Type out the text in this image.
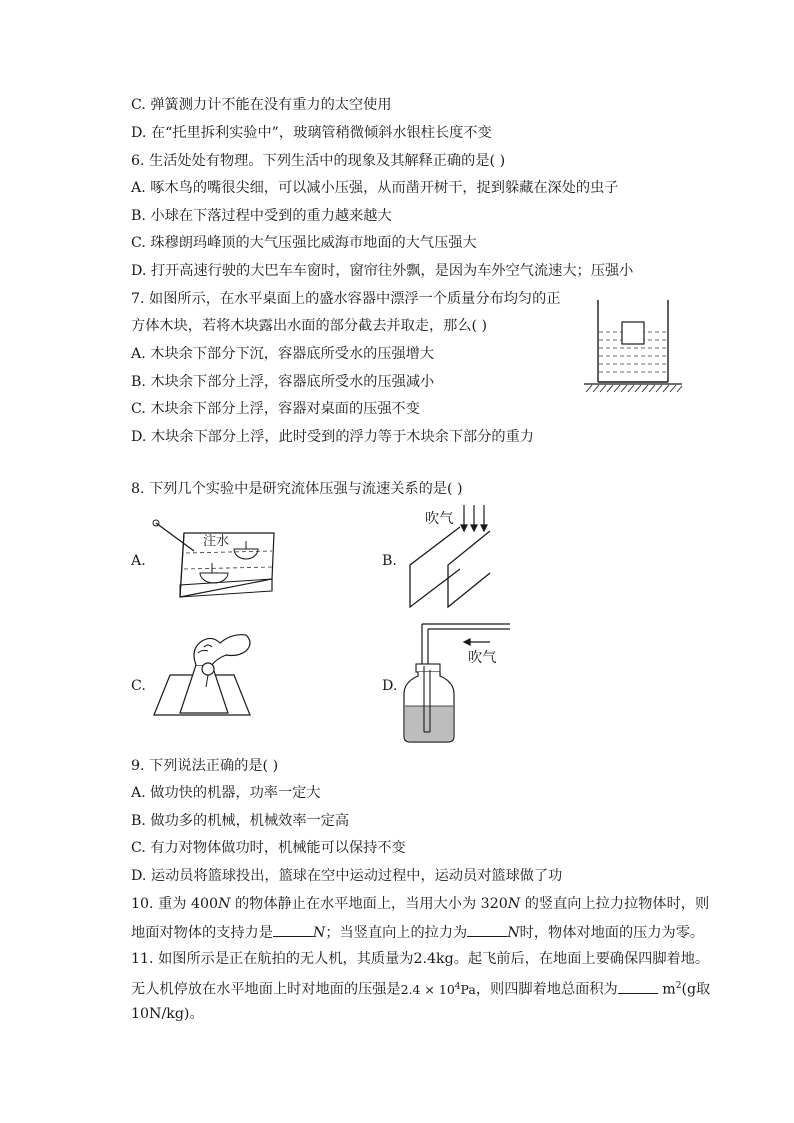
C. 弹簧测力计不能在没有重力的太空使用
D. 在“托里拆利实验中”，玻璃管稍微倾斜水银柱长度不变
6. 生活处处有物理。下列生活中的现象及其解释正确的是( )
A. 啄木鸟的嘴很尖细，可以减小压强，从而凿开树干，捉到躲藏在深处的虫子
B. 小球在下落过程中受到的重力越来越大
C. 珠穆朗玛峰顶的大气压强比威海市地面的大气压强大
D. 打开高速行驶的大巴车车窗时，窗帘往外飘，是因为车外空气流速大；压强小
7. 如图所示，在水平桌面上的盛水容器中漂浮一个质量分布均匀的正
方体木块，若将木块露出水面的部分截去并取走，那么( )
A. 木块余下部分下沉，容器底所受水的压强增大
B. 木块余下部分上浮，容器底所受水的压强减小
C. 木块余下部分上浮，容器对桌面的压强不变
D. 木块余下部分上浮，此时受到的浮力等于木块余下部分的重力
8. 下列几个实验中是研究流体压强与流速关系的是( )
A.
注水
B.
吹气
C.	D.
吹气
9. 下列说法正确的是( )
A. 做功快的机器，功率一定大
B. 做功多的机械，机械效率一定高
C. 有力对物体做功时，机械能可以保持不变
D. 运动员将篮球投出，篮球在空中运动过程中，运动员对篮球做了功
10. 重为 400N 的物体静止在水平地面上，当用大小为 320N 的竖直向上拉力拉物体时，则
地面对物体的支持力是	N；当竖直向上的拉力为	N时，物体对地面的压力为零。
11. 如图所示是正在航拍的无人机，其质量为2.4kg。起飞前后，在地面上要确保四脚着地。
无人机停放在水平地面上时对地面的压强是$2.4 \times 10^4Pa$，则四脚着地总面积为	$m^2(g$取
10N/kg)。
